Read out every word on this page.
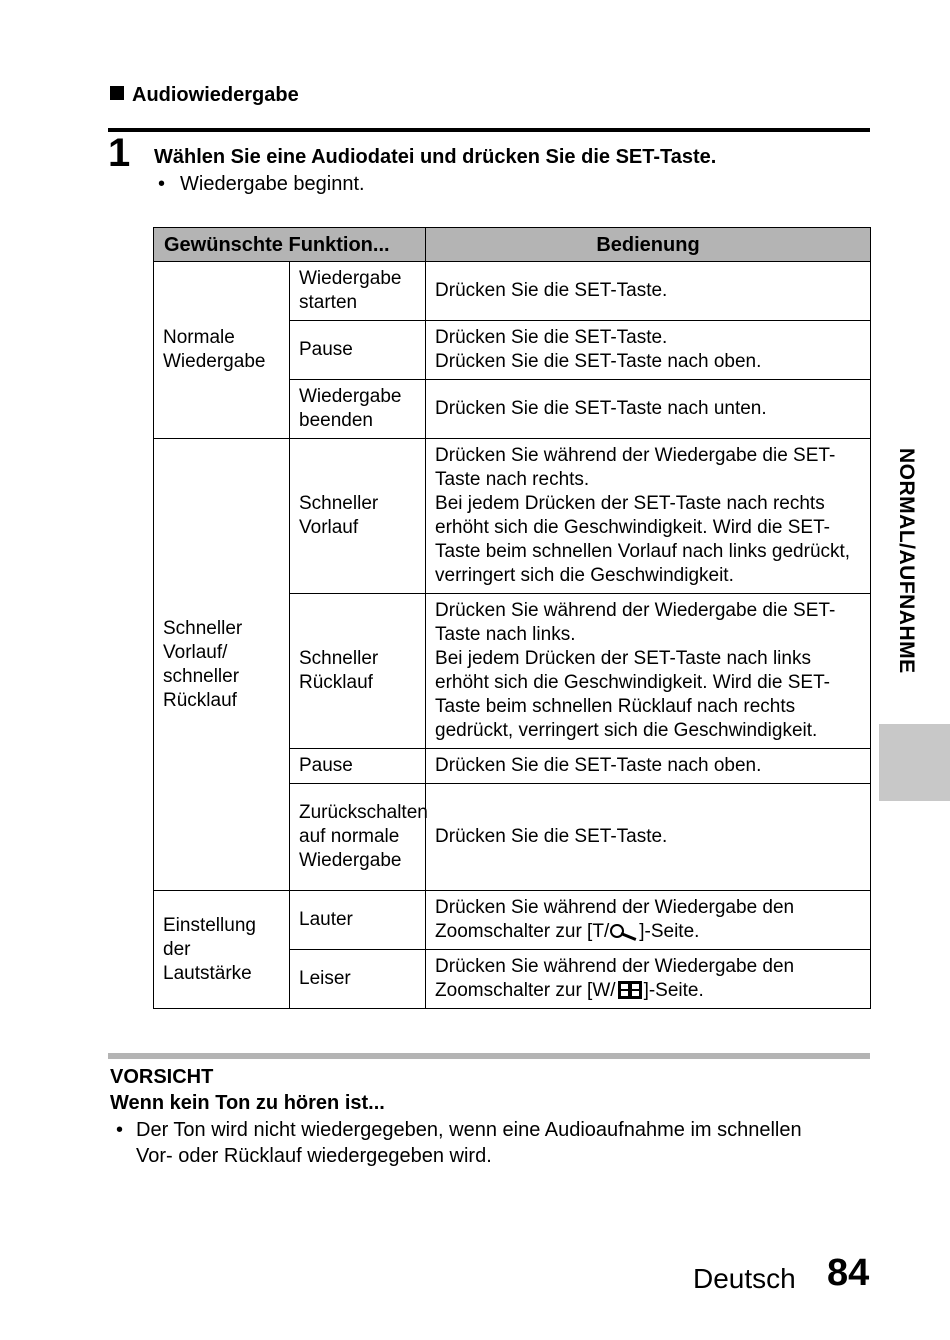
Audiowiedergabe
1 Wählen Sie eine Audiodatei und drücken Sie die SET-Taste.
• Wiedergabe beginnt.
Gewünschte Funktion...		Bedienung
Normale Wiedergabe	Wiedergabe starten	Drücken Sie die SET-Taste.

	Pause	Drücken Sie die SET-Taste.
Drücken Sie die SET-Taste nach oben.

	Wiedergabe beenden	Drücken Sie die SET-Taste nach unten.

Schneller Vorlauf/ schneller Rücklauf	Schneller Vorlauf	Drücken Sie während der Wiedergabe die SET-Taste nach rechts.
Bei jedem Drücken der SET-Taste nach rechts erhöht sich die Geschwindigkeit. Wird die SET-Taste beim schnellen Vorlauf nach links gedrückt, verringert sich die Geschwindigkeit.

	Schneller Rücklauf	Drücken Sie während der Wiedergabe die SET-Taste nach links.
Bei jedem Drücken der SET-Taste nach links erhöht sich die Geschwindigkeit. Wird die SET-Taste beim schnellen Rücklauf nach rechts gedrückt, verringert sich die Geschwindigkeit.

	Pause	Drücken Sie die SET-Taste nach oben.

	Zurückschalten auf normale Wiedergabe	Drücken Sie die SET-Taste.

Einstellung der Lautstärke	Lauter	Drücken Sie während der Wiedergabe den
Zoomschalter zur [T/ ]-Seite.

	Leiser	Drücken Sie während der Wiedergabe den
Zoomschalter zur [W/ ]-Seite.
VORSICHT
Wenn kein Ton zu hören ist...
• Der Ton wird nicht wiedergegeben, wenn eine Audioaufnahme im schnellen Vor- oder Rücklauf wiedergegeben wird.
NORMAL/AUFNAHME
Deutsch 84
